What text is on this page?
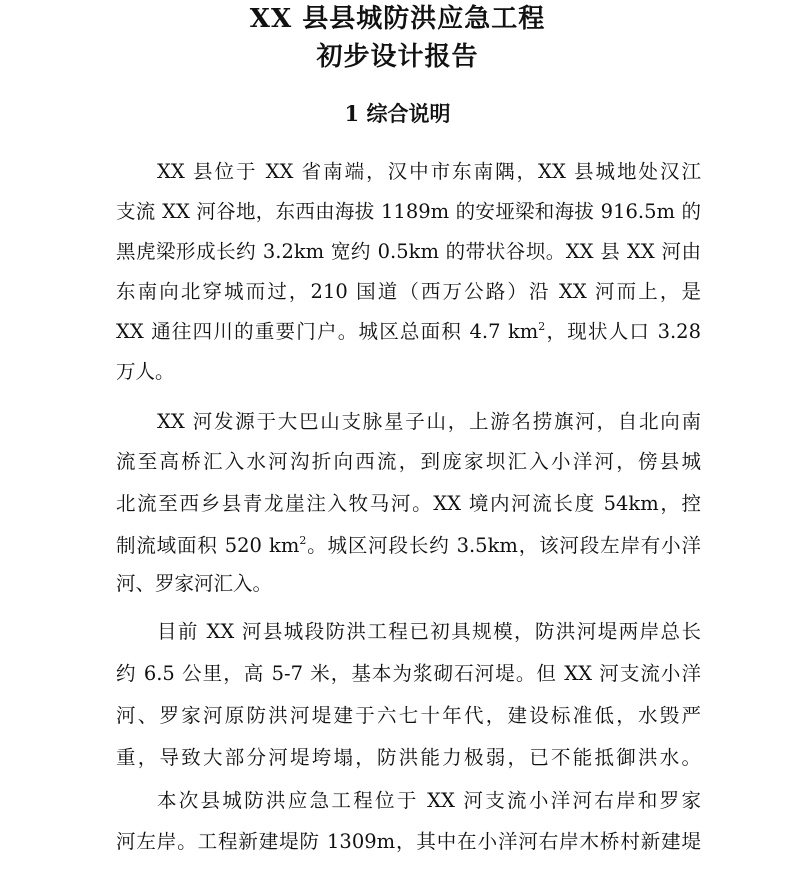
XX 县县城防洪应急工程
初步设计报告
1 综合说明

XX 县位于 XX 省南端，汉中市东南隅，XX 县城地处汉江

支流 XX 河谷地，东西由海拔 1189m 的安垭梁和海拔 916.5m 的

黑虎梁形成长约 3.2km 宽约 0.5km 的带状谷坝。XX 县 XX 河由

东南向北穿城而过，210 国道（西万公路）沿 XX 河而上，是

XX 通往四川的重要门户。城区总面积 4.7 $km^2$，现状人口 3.28

万人。

XX 河发源于大巴山支脉星子山，上游名捞旗河，自北向南

流至高桥汇入水河沟折向西流，到庞家坝汇入小洋河，傍县城

北流至西乡县青龙崖注入牧马河。XX 境内河流长度 54km，控

制流域面积 520 $km^2$。城区河段长约 3.5km，该河段左岸有小洋

河、罗家河汇入。

目前 XX 河县城段防洪工程已初具规模，防洪河堤两岸总长

约 6.5 公里，高 5-7 米，基本为浆砌石河堤。但 XX 河支流小洋

河、罗家河原防洪河堤建于六七十年代，建设标准低，水毁严

重，导致大部分河堤垮塌，防洪能力极弱，已不能抵御洪水。

本次县城防洪应急工程位于 XX 河支流小洋河右岸和罗家

河左岸。工程新建堤防 1309m，其中在小洋河右岸木桥村新建堤
